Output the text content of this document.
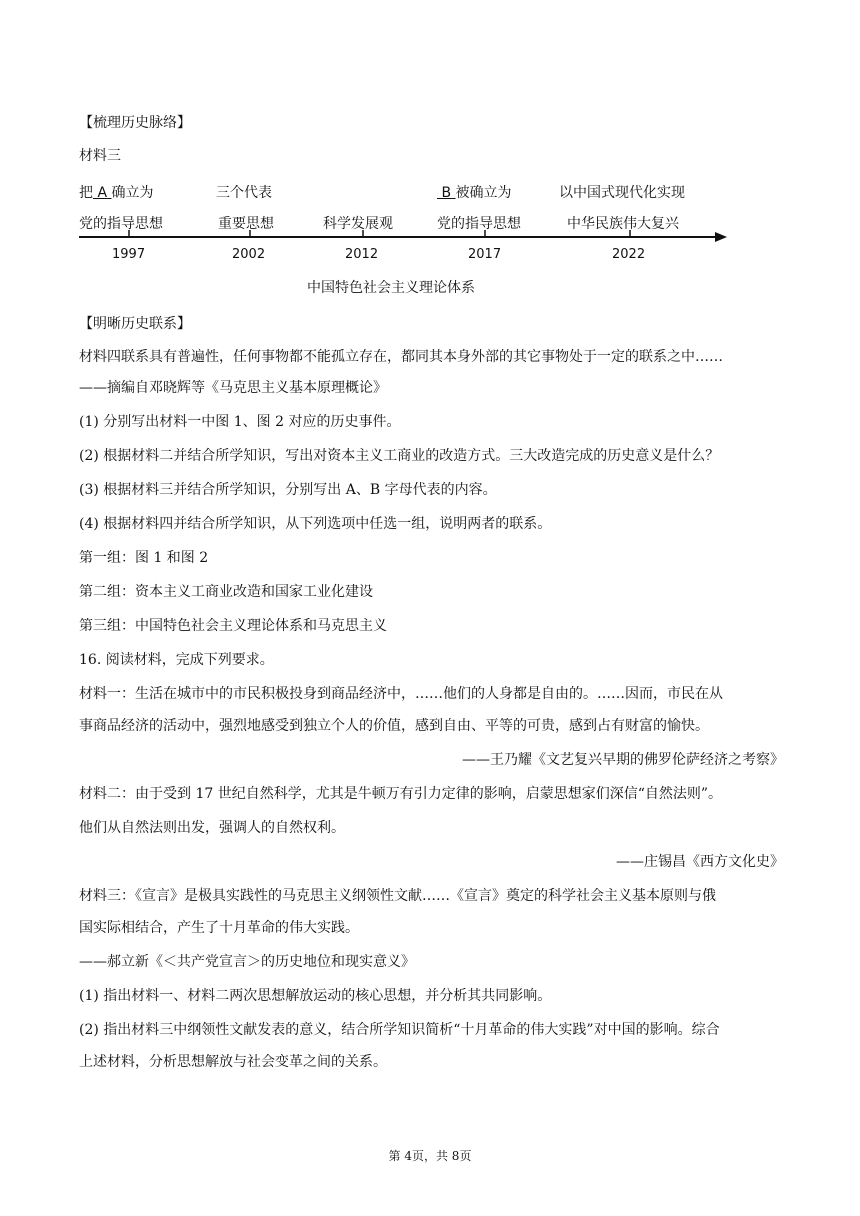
【梳理历史脉络】
材料三
把 A 确立为
党的指导思想
1997
三个代表
重要思想
2002
科学发展观
2012
B 被确立为
党的指导思想
2017
以中国式现代化实现
中华民族伟大复兴
2022
中国特色社会主义理论体系
【明晰历史联系】
材料四联系具有普遍性，任何事物都不能孤立存在，都同其本身外部的其它事物处于一定的联系之中……
——摘编自邓晓辉等《马克思主义基本原理概论》
(1) 分别写出材料一中图 1、图 2 对应的历史事件。
(2) 根据材料二并结合所学知识，写出对资本主义工商业的改造方式。三大改造完成的历史意义是什么？
(3) 根据材料三并结合所学知识，分别写出 A、B 字母代表的内容。
(4) 根据材料四并结合所学知识，从下列选项中任选一组，说明两者的联系。
第一组：图 1 和图 2
第二组：资本主义工商业改造和国家工业化建设
第三组：中国特色社会主义理论体系和马克思主义
16. 阅读材料，完成下列要求。
材料一：生活在城市中的市民积极投身到商品经济中，……他们的人身都是自由的。……因而，市民在从
事商品经济的活动中，强烈地感受到独立个人的价值，感到自由、平等的可贵，感到占有财富的愉快。
——王乃耀《文艺复兴早期的佛罗伦萨经济之考察》
材料二：由于受到 17 世纪自然科学，尤其是牛顿万有引力定律的影响，启蒙思想家们深信“自然法则”。
他们从自然法则出发，强调人的自然权利。
——庄锡昌《西方文化史》
材料三：《宣言》是极具实践性的马克思主义纲领性文献……《宣言》奠定的科学社会主义基本原则与俄
国实际相结合，产生了十月革命的伟大实践。
——郝立新《＜共产党宣言＞的历史地位和现实意义》
(1) 指出材料一、材料二两次思想解放运动的核心思想，并分析其共同影响。
(2) 指出材料三中纲领性文献发表的意义，结合所学知识简析“十月革命的伟大实践”对中国的影响。综合
上述材料，分析思想解放与社会变革之间的关系。
第 4页，共 8页
